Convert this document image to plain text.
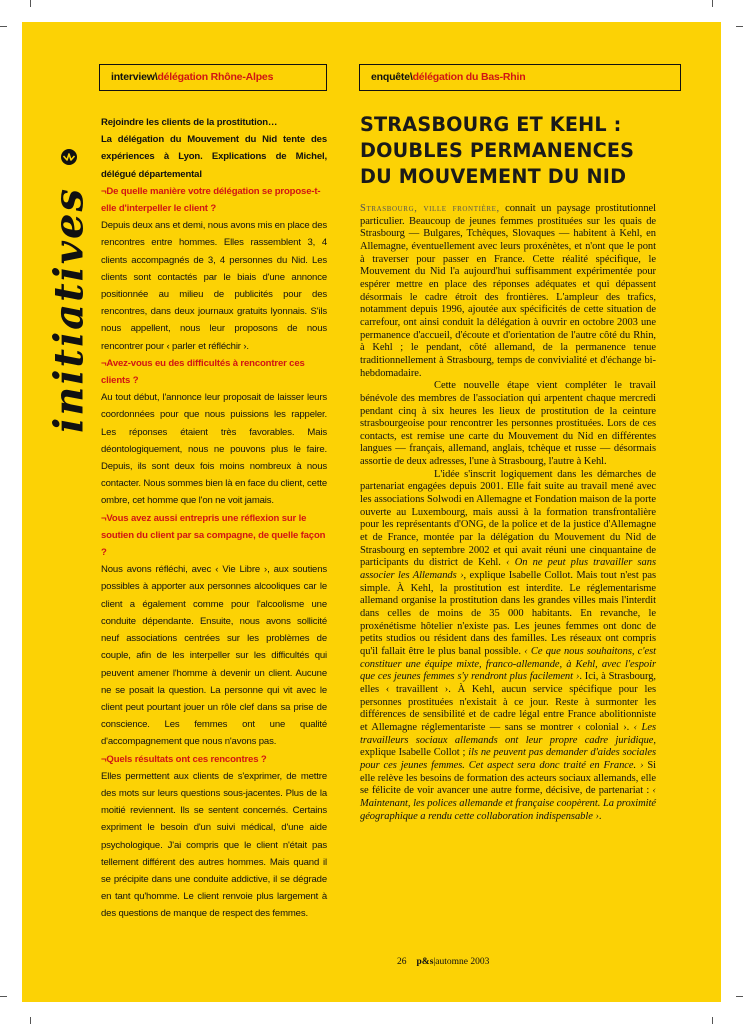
initiatives
interview\délégation Rhône-Alpes	enquête\délégation du Bas-Rhin

Rejoindre les clients de la prostitution…

La délégation du Mouvement du Nid tente des expériences à Lyon. Explications de Michel, délégué départemental

¬De quelle manière votre délégation se propose-t-elle d'interpeller le client ?

Depuis deux ans et demi, nous avons mis en place des rencontres entre hommes. Elles rassemblent 3, 4 clients accompagnés de 3, 4 personnes du Nid. Les clients sont contactés par le biais d'une annonce positionnée au milieu de publicités pour des rencontres, dans deux journaux gratuits lyonnais. S'ils nous appellent, nous leur proposons de nous rencontrer pour ‹ parler et réfléchir ›.

¬Avez-vous eu des difficultés à rencontrer ces clients ?

Au tout début, l'annonce leur proposait de laisser leurs coordonnées pour que nous puissions les rappeler. Les réponses étaient très favorables. Mais déontologiquement, nous ne pouvons plus le faire. Depuis, ils sont deux fois moins nombreux à nous contacter. Nous sommes bien là en face du client, cette ombre, cet homme que l'on ne voit jamais.

¬Vous avez aussi entrepris une réflexion sur le soutien du client par sa compagne, de quelle façon ?

Nous avons réfléchi, avec ‹ Vie Libre ›, aux soutiens possibles à apporter aux personnes alcooliques car le client a également comme pour l'alcoolisme une conduite dépendante. Ensuite, nous avons sollicité neuf associations centrées sur les problèmes de couple, afin de les interpeller sur les difficultés qui peuvent amener l'homme à devenir un client. Aucune ne se posait la question. La personne qui vit avec le client peut pourtant jouer un rôle clef dans sa prise de conscience. Les femmes ont une qualité d'accompagnement que nous n'avons pas.

¬Quels résultats ont ces rencontres ?

Elles permettent aux clients de s'exprimer, de mettre des mots sur leurs questions sous-jacentes. Plus de la moitié reviennent. Ils se sentent concernés. Certains expriment le besoin d'un suivi médical, d'une aide psychologique. J'ai compris que le client n'était pas tellement différent des autres hommes. Mais quand il se précipite dans une conduite addictive, il se dégrade en tant qu'homme. Le client renvoie plus largement à des questions de manque de respect des femmes.

STRASBOURG ET KEHL :
DOUBLES PERMANENCES
DU MOUVEMENT DU NID

Strasbourg, ville frontière, connait un paysage prostitutionnel particulier. Beaucoup de jeunes femmes prostituées sur les quais de Strasbourg — Bulgares, Tchèques, Slovaques — habitent à Kehl, en Allemagne, éventuellement avec leurs proxénètes, et n'ont que le pont à traverser pour passer en France. Cette réalité spécifique, le Mouvement du Nid l'a aujourd'hui suffisamment expérimentée pour espérer mettre en place des réponses adéquates et qui dépassent désormais le cadre étroit des frontières. L'ampleur des trafics, notamment depuis 1996, ajoutée aux spécificités de cette situation de carrefour, ont ainsi conduit la délégation à ouvrir en octobre 2003 une permanence d'accueil, d'écoute et d'orientation de l'autre côté du Rhin, à Kehl ; le pendant, côté allemand, de la permanence tenue traditionnellement à Strasbourg, temps de convivialité et d'échange bi-hebdomadaire.

Cette nouvelle étape vient compléter le travail bénévole des membres de l'association qui arpentent chaque mercredi pendant cinq à six heures les lieux de prostitution de la ceinture strasbourgeoise pour rencontrer les personnes prostituées. Lors de ces contacts, est remise une carte du Mouvement du Nid en différentes langues — français, allemand, anglais, tchèque et russe — désormais assortie de deux adresses, l'une à Strasbourg, l'autre à Kehl.

L'idée s'inscrit logiquement dans les démarches de partenariat engagées depuis 2001. Elle fait suite au travail mené avec les associations Solwodi en Allemagne et Fondation maison de la porte ouverte au Luxembourg, mais aussi à la formation transfrontalière pour les représentants d'ONG, de la police et de la justice d'Allemagne et de France, montée par la délégation du Mouvement du Nid de Strasbourg en septembre 2002 et qui avait réuni une cinquantaine de participants du district de Kehl. ‹ On ne peut plus travailler sans associer les Allemands ›, explique Isabelle Collot. Mais tout n'est pas simple. À Kehl, la prostitution est interdite. Le réglementarisme allemand organise la prostitution dans les grandes villes mais l'interdit dans celles de moins de 35 000 habitants. En revanche, le proxénétisme hôtelier n'existe pas. Les jeunes femmes ont donc de petits studios ou résident dans des familles. Les réseaux ont compris qu'il fallait être le plus banal possible. ‹ Ce que nous souhaitons, c'est constituer une équipe mixte, franco-allemande, à Kehl, avec l'espoir que ces jeunes femmes s'y rendront plus facilement ›. Ici, à Strasbourg, elles ‹ travaillent ›. À Kehl, aucun service spécifique pour les personnes prostituées n'existait à ce jour. Reste à surmonter les différences de sensibilité et de cadre légal entre France abolitionniste et Allemagne réglementariste — sans se montrer ‹ colonial ›. ‹ Les travailleurs sociaux allemands ont leur propre cadre juridique, explique Isabelle Collot ; ils ne peuvent pas demander d'aides sociales pour ces jeunes femmes. Cet aspect sera donc traité en France. › Si elle relève les besoins de formation des acteurs sociaux allemands, elle se félicite de voir avancer une autre forme, décisive, de partenariat : ‹ Maintenant, les polices allemande et française coopèrent. La proximité géographique a rendu cette collaboration indispensable ›.

26 p&s|automne 2003
